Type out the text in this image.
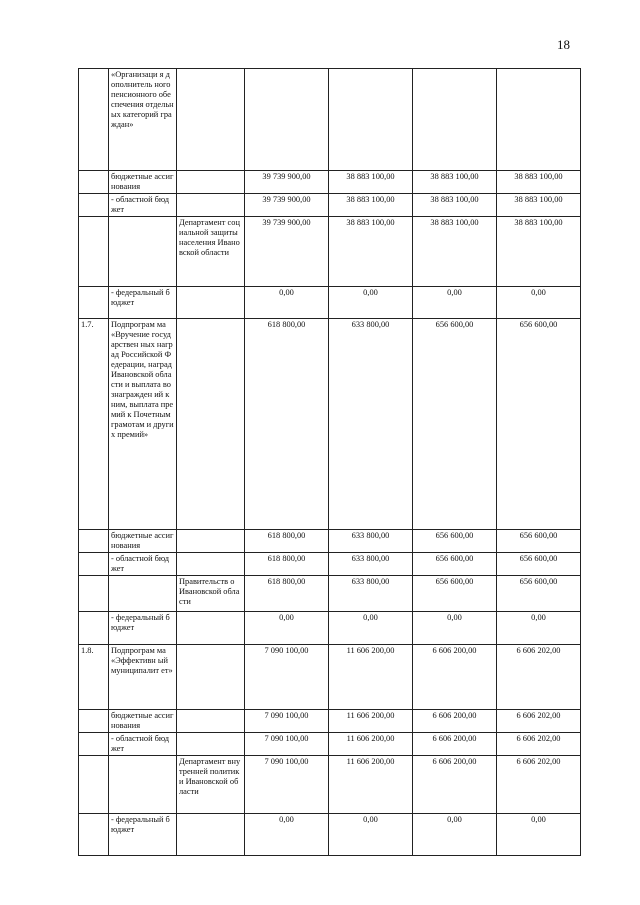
18
	«Организаци я дополнитель ного пенсионного обеспечения отдельных категорий граждан»					
	бюджетные ассигнования		39 739 900,00	38 883 100,00	38 883 100,00	38 883 100,00
	- областной бюджет		39 739 900,00	38 883 100,00	38 883 100,00	38 883 100,00
		Департамент социальной защиты населения Ивановской области	39 739 900,00	38 883 100,00	38 883 100,00	38 883 100,00
	- федеральный бюджет		0,00	0,00	0,00	0,00
1.7.	Подпрограм ма «Вручение государствен ных наград Российской Федерации, наград Ивановской области и выплата вознагражден ий к ним, выплата премий к Почетным грамотам и других премий»		618 800,00	633 800,00	656 600,00	656 600,00
	бюджетные ассигнования		618 800,00	633 800,00	656 600,00	656 600,00
	- областной бюджет		618 800,00	633 800,00	656 600,00	656 600,00
		Правительств о Ивановской области	618 800,00	633 800,00	656 600,00	656 600,00
	- федеральный бюджет		0,00	0,00	0,00	0,00
1.8.	Подпрограм ма «Эффективн ый муниципалит ет»		7 090 100,00	11 606 200,00	6 606 200,00	6 606 202,00
	бюджетные ассигнования		7 090 100,00	11 606 200,00	6 606 200,00	6 606 202,00
	- областной бюджет		7 090 100,00	11 606 200,00	6 606 200,00	6 606 202,00
		Департамент внутренней политики Ивановской области	7 090 100,00	11 606 200,00	6 606 200,00	6 606 202,00
	- федеральный бюджет		0,00	0,00	0,00	0,00
